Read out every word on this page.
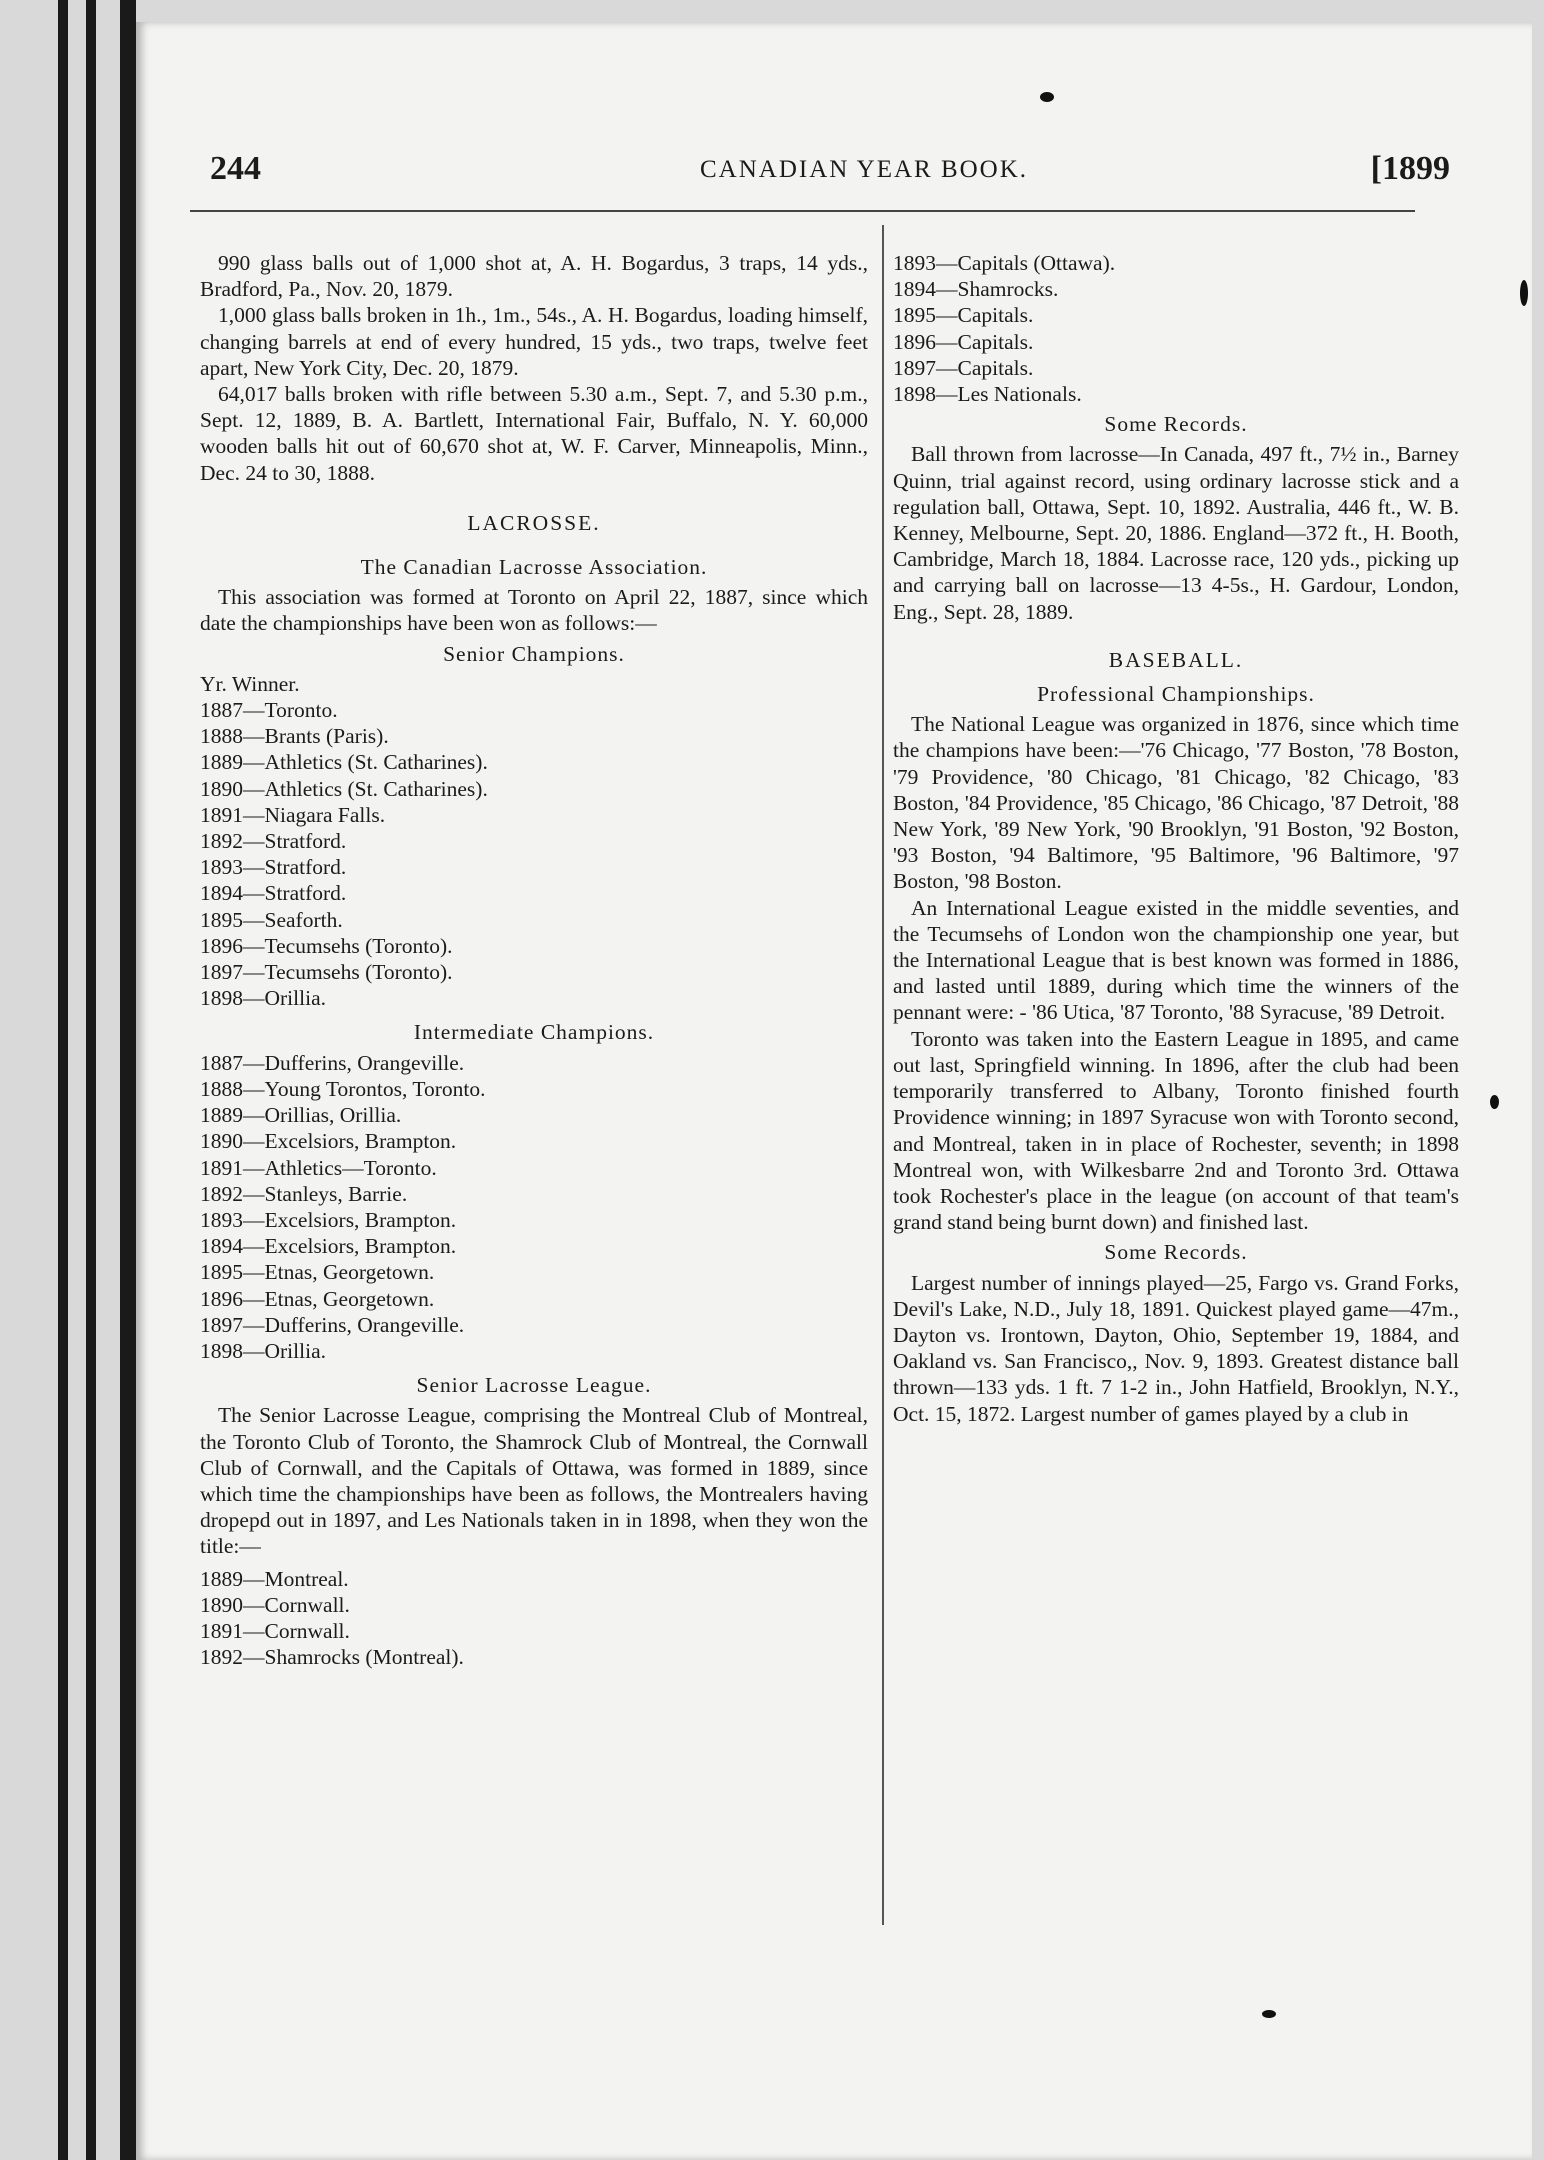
244	CANADIAN YEAR BOOK.	[1899

990 glass balls out of 1,000 shot at, A. H. Bogardus, 3 traps, 14 yds., Bradford, Pa., Nov. 20, 1879.

1,000 glass balls broken in 1h., 1m., 54s., A. H. Bogardus, loading himself, changing barrels at end of every hundred, 15 yds., two traps, twelve feet apart, New York City, Dec. 20, 1879.

64,017 balls broken with rifle between 5.30 a.m., Sept. 7, and 5.30 p.m., Sept. 12, 1889, B. A. Bartlett, International Fair, Buffalo, N. Y. 60,000 wooden balls hit out of 60,670 shot at, W. F. Carver, Minneapolis, Minn., Dec. 24 to 30, 1888.

LACROSSE.
The Canadian Lacrosse Association.

This association was formed at Toronto on April 22, 1887, since which date the championships have been won as follows:—

Senior Champions.
Yr. Winner.
1887—Toronto.
1888—Brants (Paris).
1889—Athletics (St. Catharines).
1890—Athletics (St. Catharines).
1891—Niagara Falls.
1892—Stratford.
1893—Stratford.
1894—Stratford.
1895—Seaforth.
1896—Tecumsehs (Toronto).
1897—Tecumsehs (Toronto).
1898—Orillia.
Intermediate Champions.
1887—Dufferins, Orangeville.
1888—Young Torontos, Toronto.
1889—Orillias, Orillia.
1890—Excelsiors, Brampton.
1891—Athletics—Toronto.
1892—Stanleys, Barrie.
1893—Excelsiors, Brampton.
1894—Excelsiors, Brampton.
1895—Etnas, Georgetown.
1896—Etnas, Georgetown.
1897—Dufferins, Orangeville.
1898—Orillia.
Senior Lacrosse League.

The Senior Lacrosse League, comprising the Montreal Club of Montreal, the Toronto Club of Toronto, the Shamrock Club of Montreal, the Cornwall Club of Cornwall, and the Capitals of Ottawa, was formed in 1889, since which time the championships have been as follows, the Montrealers having dropepd out in 1897, and Les Nationals taken in in 1898, when they won the title:—

1889—Montreal.
1890—Cornwall.
1891—Cornwall.
1892—Shamrocks (Montreal).
1893—Capitals (Ottawa).
1894—Shamrocks.
1895—Capitals.
1896—Capitals.
1897—Capitals.
1898—Les Nationals.
Some Records.

Ball thrown from lacrosse—In Canada, 497 ft., 7½ in., Barney Quinn, trial against record, using ordinary lacrosse stick and a regulation ball, Ottawa, Sept. 10, 1892. Australia, 446 ft., W. B. Kenney, Melbourne, Sept. 20, 1886. England—372 ft., H. Booth, Cambridge, March 18, 1884. Lacrosse race, 120 yds., picking up and carrying ball on lacrosse—13 4-5s., H. Gardour, London, Eng., Sept. 28, 1889.

BASEBALL.
Professional Championships.

The National League was organized in 1876, since which time the champions have been:—'76 Chicago, '77 Boston, '78 Boston, '79 Providence, '80 Chicago, '81 Chicago, '82 Chicago, '83 Boston, '84 Providence, '85 Chicago, '86 Chicago, '87 Detroit, '88 New York, '89 New York, '90 Brooklyn, '91 Boston, '92 Boston, '93 Boston, '94 Baltimore, '95 Baltimore, '96 Baltimore, '97 Boston, '98 Boston.

An International League existed in the middle seventies, and the Tecumsehs of London won the championship one year, but the International League that is best known was formed in 1886, and lasted until 1889, during which time the winners of the pennant were: - '86 Utica, '87 Toronto, '88 Syracuse, '89 Detroit.

Toronto was taken into the Eastern League in 1895, and came out last, Springfield winning. In 1896, after the club had been temporarily transferred to Albany, Toronto finished fourth Providence winning; in 1897 Syracuse won with Toronto second, and Montreal, taken in in place of Rochester, seventh; in 1898 Montreal won, with Wilkesbarre 2nd and Toronto 3rd. Ottawa took Rochester's place in the league (on account of that team's grand stand being burnt down) and finished last.

Some Records.

Largest number of innings played—25, Fargo vs. Grand Forks, Devil's Lake, N.D., July 18, 1891. Quickest played game—47m., Dayton vs. Irontown, Dayton, Ohio, September 19, 1884, and Oakland vs. San Francisco,, Nov. 9, 1893. Greatest distance ball thrown—133 yds. 1 ft. 7 1-2 in., John Hatfield, Brooklyn, N.Y., Oct. 15, 1872. Largest number of games played by a club in
